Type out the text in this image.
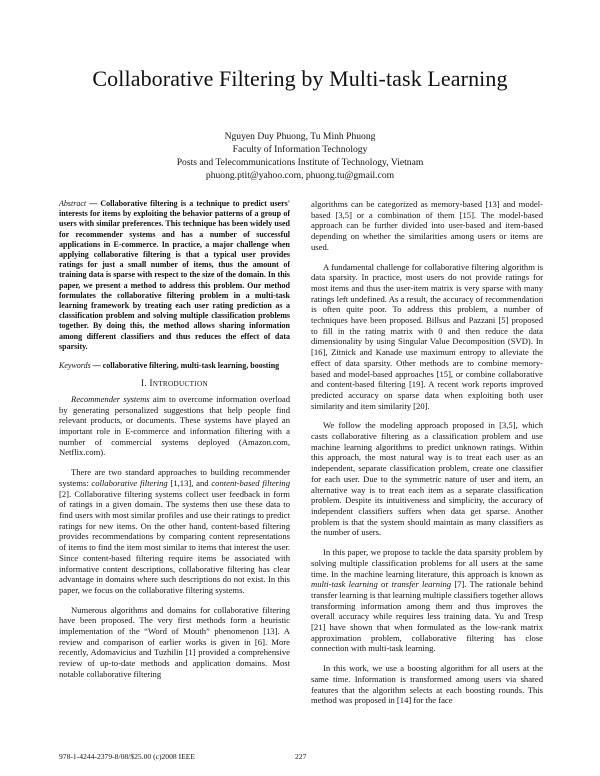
Collaborative Filtering by Multi-task Learning
Nguyen Duy Phuong, Tu Minh Phuong
Faculty of Information Technology
Posts and Telecommunications Institute of Technology, Vietnam
phuong.ptit@yahoo.com, phuong.tu@gmail.com
Abstract — Collaborative filtering is a technique to predict users' interests for items by exploiting the behavior patterns of a group of users with similar preferences. This technique has been widely used for recommender systems and has a number of successful applications in E-commerce. In practice, a major challenge when applying collaborative filtering is that a typical user provides ratings for just a small number of items, thus the amount of training data is sparse with respect to the size of the domain. In this paper, we present a method to address this problem. Our method formulates the collaborative filtering problem in a multi-task learning framework by treating each user rating prediction as a classification problem and solving multiple classification problems together. By doing this, the method allows sharing information among different classifiers and thus reduces the effect of data sparsity.
Keywords — collaborative filtering, multi-task learning, boosting
I. INTRODUCTION

Recommender systems aim to overcome information overload by generating personalized suggestions that help people find relevant products, or documents. These systems have played an important role in E-commerce and information filtering with a number of commercial systems deployed (Amazon.com, Netflix.com).

There are two standard approaches to building recommender systems: collaborative filtering [1,13], and content-based filtering [2]. Collaborative filtering systems collect user feedback in form of ratings in a given domain. The systems then use these data to find users with most similar profiles and use their ratings to predict ratings for new items. On the other hand, content-based filtering provides recommendations by comparing content representations of items to find the item most similar to items that interest the user. Since content-based filtering require items be associated with informative content descriptions, collaborative filtering has clear advantage in domains where such descriptions do not exist. In this paper, we focus on the collaborative filtering systems.

Numerous algorithms and domains for collaborative filtering have been proposed. The very first methods form a heuristic implementation of the “Word of Mouth” phenomenon [13]. A review and comparison of earlier works is given in [6]. More recently, Adomavicius and Tuzhilin [1] provided a comprehensive review of up-to-date methods and application domains. Most notable collaborative filtering

algorithms can be categorized as memory-based [13] and model-based [3,5] or a combination of them [15]. The model-based approach can be further divided into user-based and item-based depending on whether the similarities among users or items are used.

A fundamental challenge for collaborative filtering algorithm is data sparsity. In practice, most users do not provide ratings for most items and thus the user-item matrix is very sparse with many ratings left undefined. As a result, the accuracy of recommendation is often quite poor. To address this problem, a number of techniques have been proposed. Billsus and Pazzani [5] proposed to fill in the rating matrix with 0 and then reduce the data dimensionality by using Singular Value Decomposition (SVD). In [16], Zitnick and Kanade use maximum entropy to alleviate the effect of data sparsity. Other methods are to combine memory-based and model-based approaches [15], or combine collaborative and content-based filtering [19]. A recent work reports improved predicted accuracy on sparse data when exploiting both user similarity and item similarity [20].

We follow the modeling approach proposed in [3,5], which casts collaborative filtering as a classification problem and use machine learning algorithms to predict unknown ratings. Within this approach, the most natural way is to treat each user as an independent, separate classification problem, create one classifier for each user. Due to the symmetric nature of user and item, an alternative way is to treat each item as a separate classification problem. Despite its intuitiveness and simplicity, the accuracy of independent classifiers suffers when data get sparse. Another problem is that the system should maintain as many classifiers as the number of users.

In this paper, we propose to tackle the data sparsity problem by solving multiple classification problems for all users at the same time. In the machine learning literature, this approach is known as multi-task learning or transfer learning [7]. The rationale behind transfer learning is that learning multiple classifiers together allows transforming information among them and thus improves the overall accuracy while requires less training data. Yu and Tresp [21] have shown that when formulated as the low-rank matrix approximation problem, collaborative filtering has close connection with multi-task learning.

In this work, we use a boosting algorithm for all users at the same time. Information is transformed among users via shared features that the algorithm selects at each boosting rounds. This method was proposed in [14] for the face

978-1-4244-2379-8/08/$25.00 (c)2008 IEEE	227
